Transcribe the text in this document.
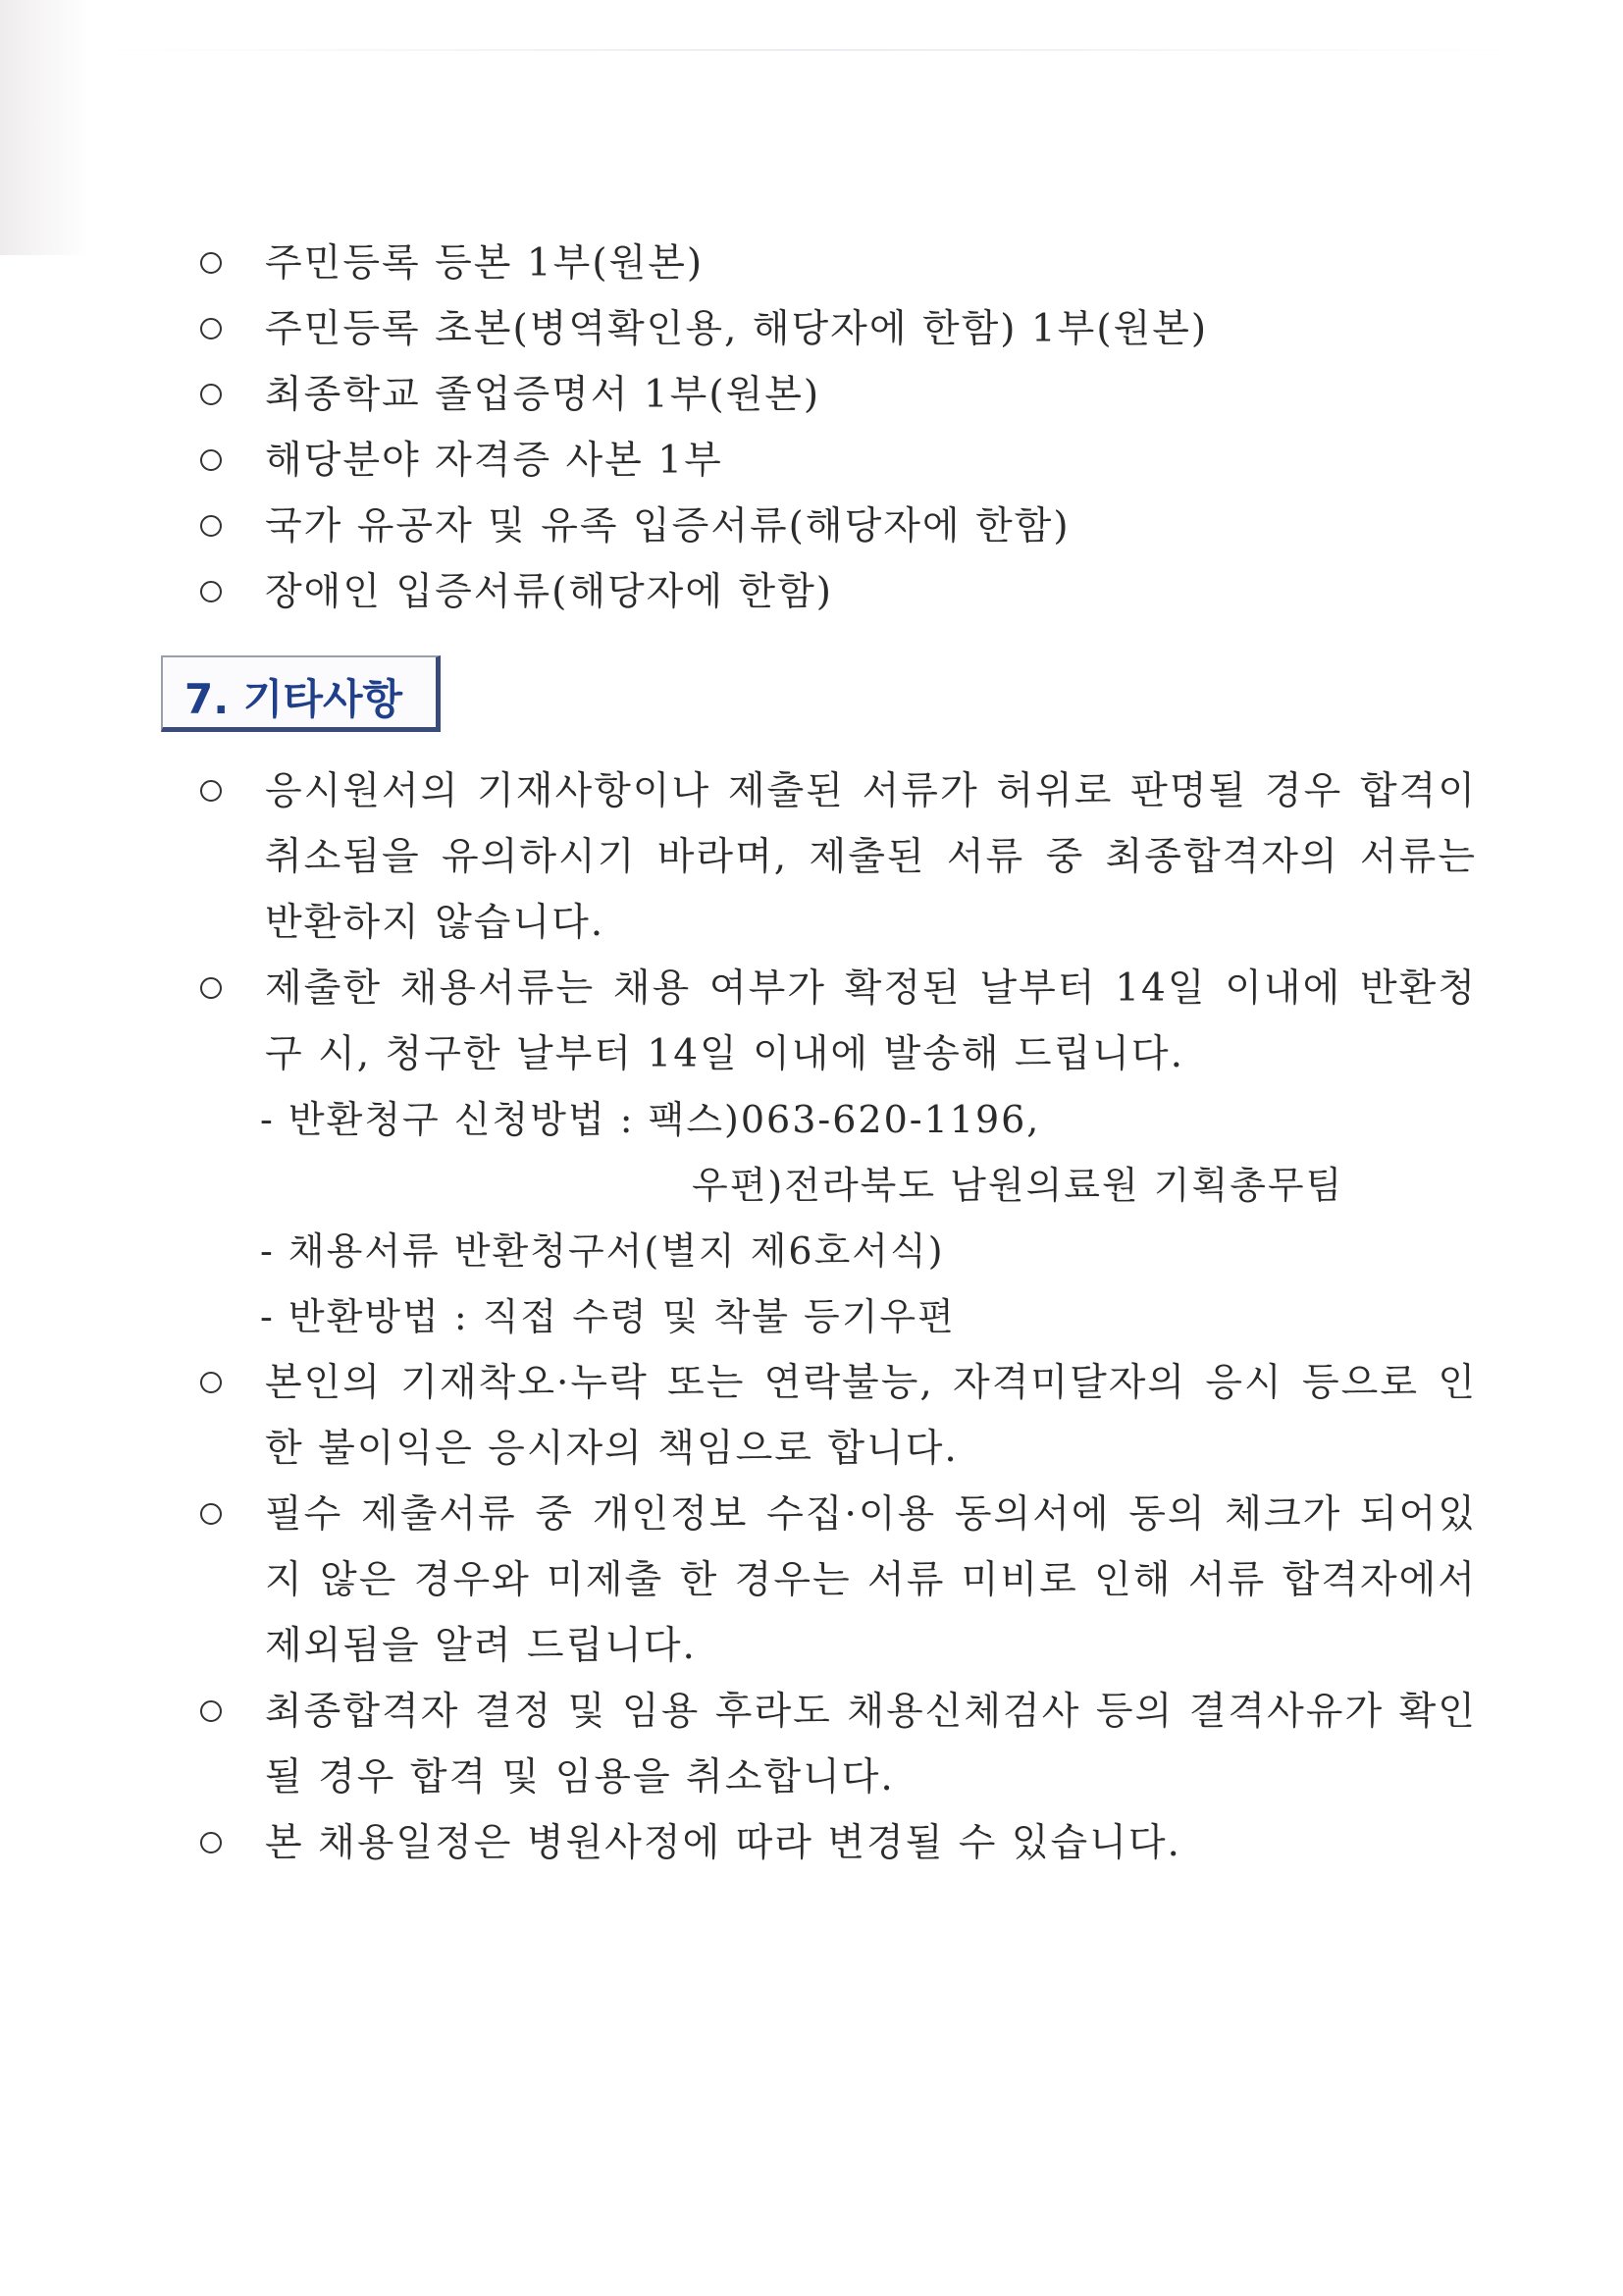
주민등록 등본 1부(원본)
주민등록 초본(병역확인용, 해당자에 한함) 1부(원본)
최종학교 졸업증명서 1부(원본)
해당분야 자격증 사본 1부
국가 유공자 및 유족 입증서류(해당자에 한함)
장애인 입증서류(해당자에 한함)
7. 기타사항
응시원서의 기재사항이나 제출된 서류가 허위로 판명될 경우 합격이 취소됨을 유의하시기 바라며, 제출된 서류 중 최종합격자의 서류는 반환하지 않습니다.
제출한 채용서류는 채용 여부가 확정된 날부터 14일 이내에 반환청구 시, 청구한 날부터 14일 이내에 발송해 드립니다.
- 반환청구 신청방법 : 팩스)063-620-1196,
우편)전라북도 남원의료원 기획총무팀
- 채용서류 반환청구서(별지 제6호서식)
- 반환방법 : 직접 수령 및 착불 등기우편
본인의 기재착오·누락 또는 연락불능, 자격미달자의 응시 등으로 인한 불이익은 응시자의 책임으로 합니다.
필수 제출서류 중 개인정보 수집·이용 동의서에 동의 체크가 되어있지 않은 경우와 미제출 한 경우는 서류 미비로 인해 서류 합격자에서 제외됨을 알려 드립니다.
최종합격자 결정 및 임용 후라도 채용신체검사 등의 결격사유가 확인될 경우 합격 및 임용을 취소합니다.
본 채용일정은 병원사정에 따라 변경될 수 있습니다.
